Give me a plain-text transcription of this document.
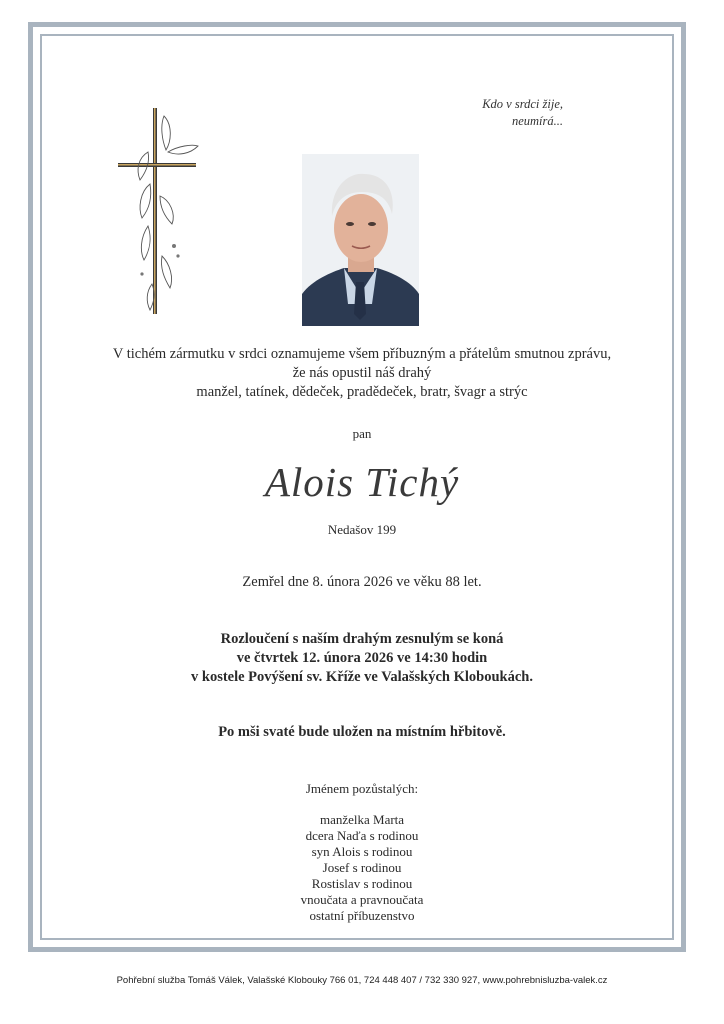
Kdo v srdci žije,
neumírá...
V tichém zármutku v srdci oznamujeme všem příbuzným a přátelům smutnou zprávu,
že nás opustil náš drahý
manžel, tatínek, dědeček, pradědeček, bratr, švagr a strýc
pan
Alois Tichý
Nedašov 199
Zemřel dne 8. února 2026 ve věku 88 let.
Rozloučení s naším drahým zesnulým se koná
ve čtvrtek 12. února 2026 ve 14:30 hodin
v kostele Povýšení sv. Kříže ve Valašských Kloboukách.
Po mši svaté bude uložen na místním hřbitově.
Jménem pozůstalých:
manželka Marta
dcera Naďa s rodinou
syn Alois s rodinou
Josef s rodinou
Rostislav s rodinou
vnoučata a pravnoučata
ostatní příbuzenstvo
Pohřební služba Tomáš Válek, Valašské Klobouky 766 01, 724 448 407 / 732 330 927, www.pohrebnisluzba-valek.cz
